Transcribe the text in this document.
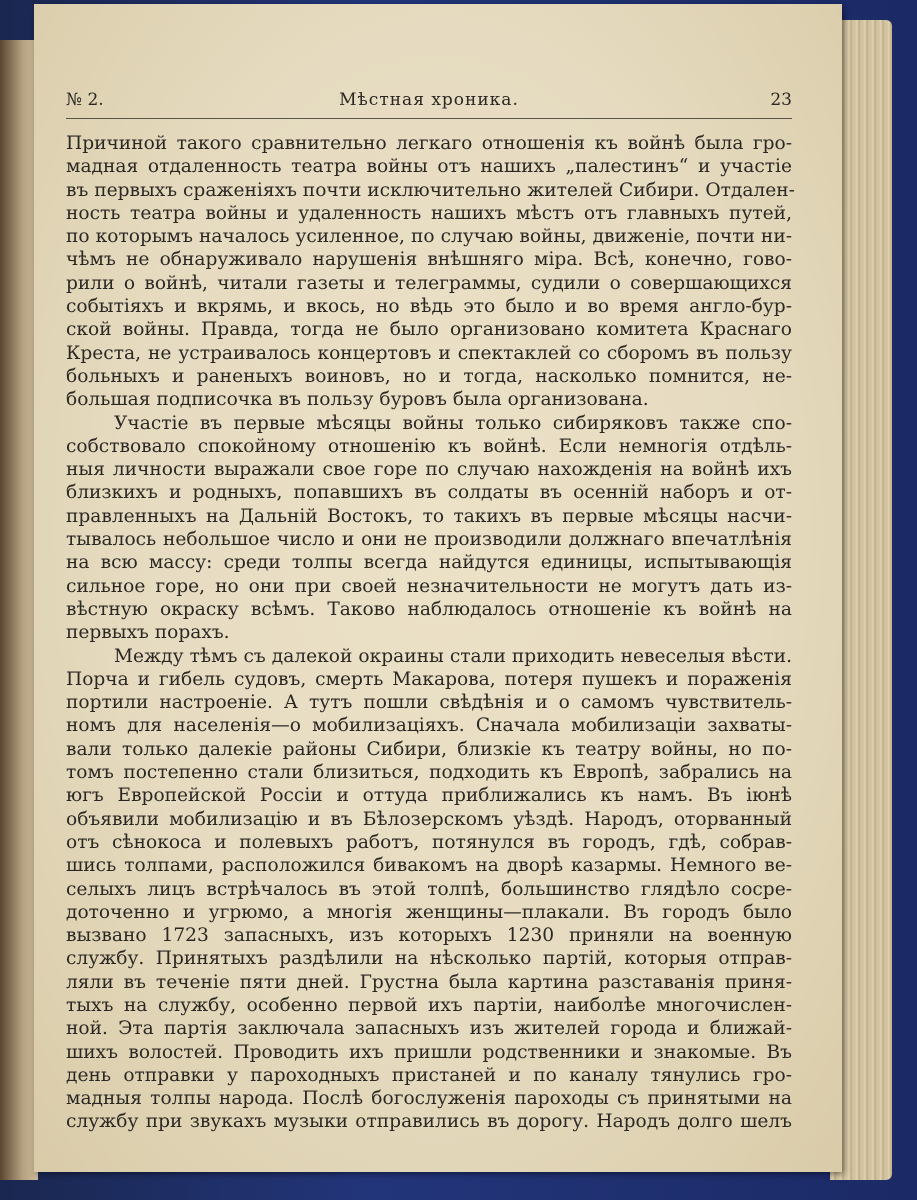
№ 2.	Мѣстная хроника.	23
Причиной такого сравнительно легкаго отношенія къ войнѣ была гро-
мадная отдаленность театра войны отъ нашихъ „палестинъ“ и участіе
въ первыхъ сраженіяхъ почти исключительно жителей Сибири. Отдален-
ность театра войны и удаленность нашихъ мѣстъ отъ главныхъ путей,
по которымъ началось усиленное, по случаю войны, движеніе, почти ни-
чѣмъ не обнаруживало нарушенія внѣшняго міра. Всѣ, конечно, гово-
рили о войнѣ, читали газеты и телеграммы, судили о совершающихся
событіяхъ и вкрямь, и вкось, но вѣдь это было и во время англо-бур-
ской войны. Правда, тогда не было организовано комитета Краснаго
Креста, не устраивалось концертовъ и спектаклей со сборомъ въ пользу
больныхъ и раненыхъ воиновъ, но и тогда, насколько помнится, не-
большая подписочка въ пользу буровъ была организована.
Участіе въ первые мѣсяцы войны только сибиряковъ также спо-
собствовало спокойному отношенію къ войнѣ. Если немногія отдѣль-
ныя личности выражали свое горе по случаю нахожденія на войнѣ ихъ
близкихъ и родныхъ, попавшихъ въ солдаты въ осенній наборъ и от-
правленныхъ на Дальній Востокъ, то такихъ въ первые мѣсяцы насчи-
тывалось небольшое число и они не производили должнаго впечатлѣнія
на всю массу: среди толпы всегда найдутся единицы, испытывающія
сильное горе, но они при своей незначительности не могутъ дать из-
вѣстную окраску всѣмъ. Таково наблюдалось отношеніе къ войнѣ на
первыхъ порахъ.
Между тѣмъ съ далекой окраины стали приходить невеселыя вѣсти.
Порча и гибель судовъ, смерть Макарова, потеря пушекъ и пораженія
портили настроеніе. А тутъ пошли свѣдѣнія и о самомъ чувствитель-
номъ для населенія—о мобилизаціяхъ. Сначала мобилизаціи захваты-
вали только далекіе районы Сибири, близкіе къ театру войны, но по-
томъ постепенно стали близиться, подходить къ Европѣ, забрались на
югъ Европейской Россіи и оттуда приближались къ намъ. Въ іюнѣ
объявили мобилизацію и въ Бѣлозерскомъ уѣздѣ. Народъ, оторванный
отъ сѣнокоса и полевыхъ работъ, потянулся въ городъ, гдѣ, собрав-
шись толпами, расположился бивакомъ на дворѣ казармы. Немного ве-
селыхъ лицъ встрѣчалось въ этой толпѣ, большинство глядѣло сосре-
доточенно и угрюмо, а многія женщины—плакали. Въ городъ было
вызвано 1723 запасныхъ, изъ которыхъ 1230 приняли на военную
службу. Принятыхъ раздѣлили на нѣсколько партій, которыя отправ-
ляли въ теченіе пяти дней. Грустна была картина разставанія приня-
тыхъ на службу, особенно первой ихъ партіи, наиболѣе многочислен-
ной. Эта партія заключала запасныхъ изъ жителей города и ближай-
шихъ волостей. Проводить ихъ пришли родственники и знакомые. Въ
день отправки у пароходныхъ пристаней и по каналу тянулись гро-
мадныя толпы народа. Послѣ богослуженія пароходы съ принятыми на
службу при звукахъ музыки отправились въ дорогу. Народъ долго шелъ
